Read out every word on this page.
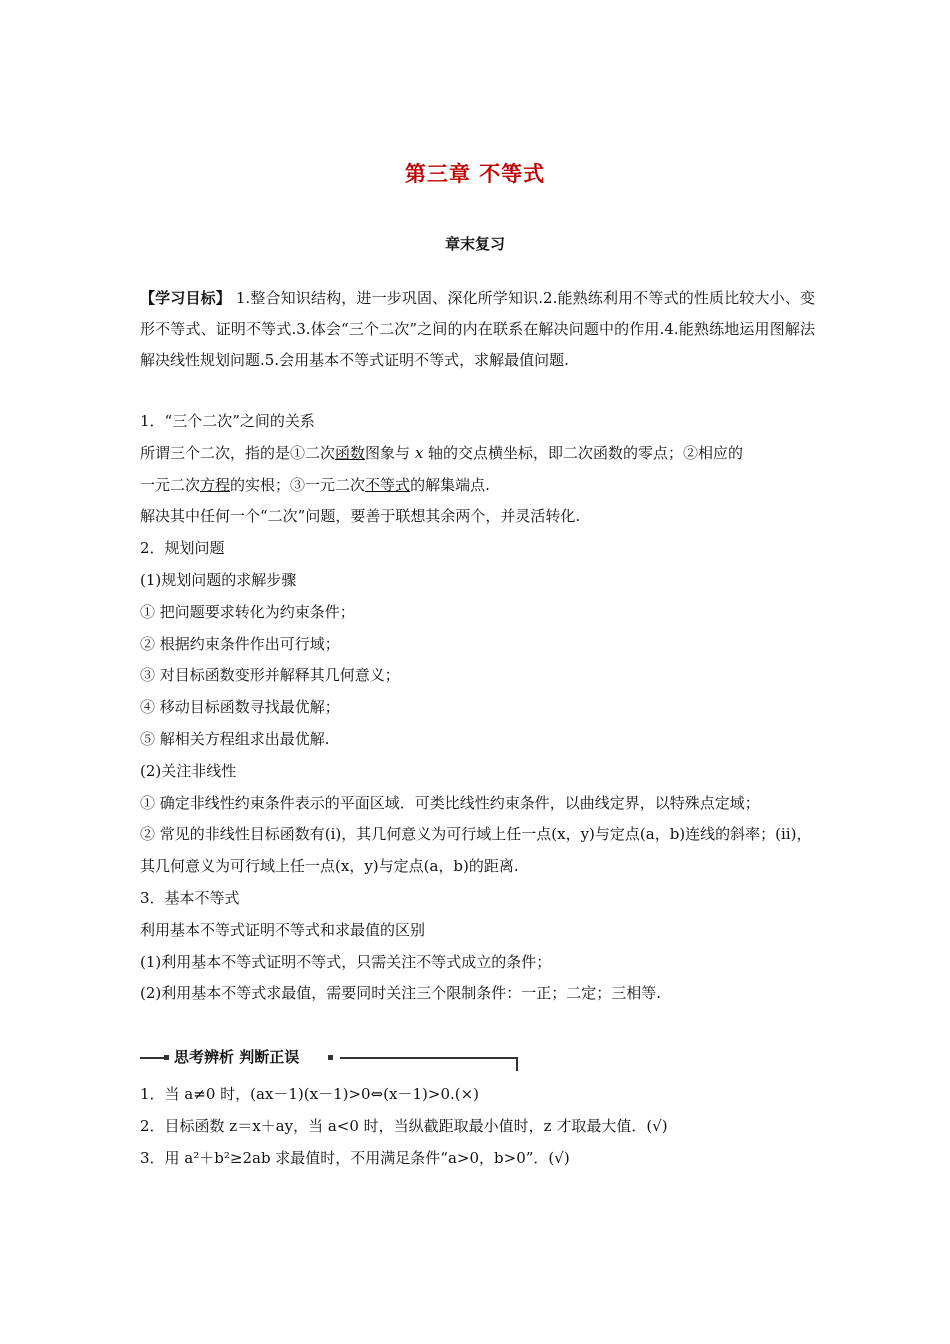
第三章 不等式
章末复习
【学习目标】 1.整合知识结构，进一步巩固、深化所学知识.2.能熟练利用不等式的性质比较大小、变形不等式、证明不等式.3.体会“三个二次”之间的内在联系在解决问题中的作用.4.能熟练地运用图解法解决线性规划问题.5.会用基本不等式证明不等式，求解最值问题.
1．“三个二次”之间的关系
所谓三个二次，指的是①二次函数图象与 x 轴的交点横坐标，即二次函数的零点；②相应的
一元二次方程的实根；③一元二次不等式的解集端点.
解决其中任何一个“二次”问题，要善于联想其余两个，并灵活转化.
2．规划问题
(1)规划问题的求解步骤
① 把问题要求转化为约束条件；
② 根据约束条件作出可行域；
③ 对目标函数变形并解释其几何意义；
④ 移动目标函数寻找最优解；
⑤ 解相关方程组求出最优解.
(2)关注非线性
① 确定非线性约束条件表示的平面区域．可类比线性约束条件，以曲线定界，以特殊点定域；
② 常见的非线性目标函数有(ⅰ)，其几何意义为可行域上任一点(x，y)与定点(a，b)连线的斜率；(ⅱ)，其几何意义为可行域上任一点(x，y)与定点(a，b)的距离.
3．基本不等式
利用基本不等式证明不等式和求最值的区别
(1)利用基本不等式证明不等式，只需关注不等式成立的条件；
(2)利用基本不等式求最值，需要同时关注三个限制条件：一正；二定；三相等.
思考辨析 判断正误
1．当 a≠0 时，(ax－1)(x－1)>0⇔(x－1)>0.(×)
2．目标函数 z＝x＋ay，当 a<0 时，当纵截距取最小值时，z 才取最大值．(√)
3．用 a²＋b²≥2ab 求最值时，不用满足条件“a>0，b>0”．(√)
